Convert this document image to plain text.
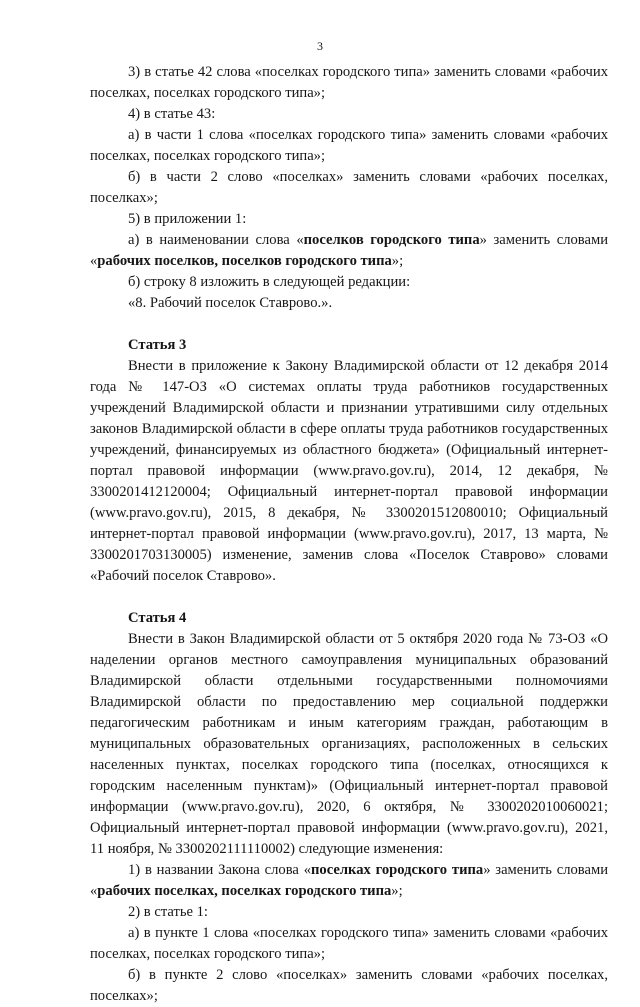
3

3) в статье 42 слова «поселках городского типа» заменить словами «рабочих поселках, поселках городского типа»;

4) в статье 43:

а) в части 1 слова «поселках городского типа» заменить словами «рабочих поселках, поселках городского типа»;

б) в части 2 слово «поселках» заменить словами «рабочих поселках, поселках»;

5) в приложении 1:

а) в наименовании слова «поселков городского типа» заменить словами «рабочих поселков, поселков городского типа»;

б) строку 8 изложить в следующей редакции:

«8. Рабочий поселок Ставрово.».

Статья 3

Внести в приложение к Закону Владимирской области от 12 декабря 2014 года № 147-ОЗ «О системах оплаты труда работников государственных учреждений Владимирской области и признании утратившими силу отдельных законов Владимирской области в сфере оплаты труда работников государственных учреждений, финансируемых из областного бюджета» (Официальный интернет-портал правовой информации (www.pravo.gov.ru), 2014, 12 декабря, № 3300201412120004; Официальный интернет-портал правовой информации (www.pravo.gov.ru), 2015, 8 декабря, № 3300201512080010; Официальный интернет-портал правовой информации (www.pravo.gov.ru), 2017, 13 марта, № 3300201703130005) изменение, заменив слова «Поселок Ставрово» словами «Рабочий поселок Ставрово».

Статья 4

Внести в Закон Владимирской области от 5 октября 2020 года № 73-ОЗ «О наделении органов местного самоуправления муниципальных образований Владимирской области отдельными государственными полномочиями Владимирской области по предоставлению мер социальной поддержки педагогическим работникам и иным категориям граждан, работающим в муниципальных образовательных организациях, расположенных в сельских населенных пунктах, поселках городского типа (поселках, относящихся к городским населенным пунктам)» (Официальный интернет-портал правовой информации (www.pravo.gov.ru), 2020, 6 октября, № 3300202010060021; Официальный интернет-портал правовой информации (www.pravo.gov.ru), 2021, 11 ноября, № 3300202111110002) следующие изменения:

1) в названии Закона слова «поселках городского типа» заменить словами «рабочих поселках, поселках городского типа»;

2) в статье 1:

а) в пункте 1 слова «поселках городского типа» заменить словами «рабочих поселках, поселках городского типа»;

б) в пункте 2 слово «поселках» заменить словами «рабочих поселках, поселках»;
